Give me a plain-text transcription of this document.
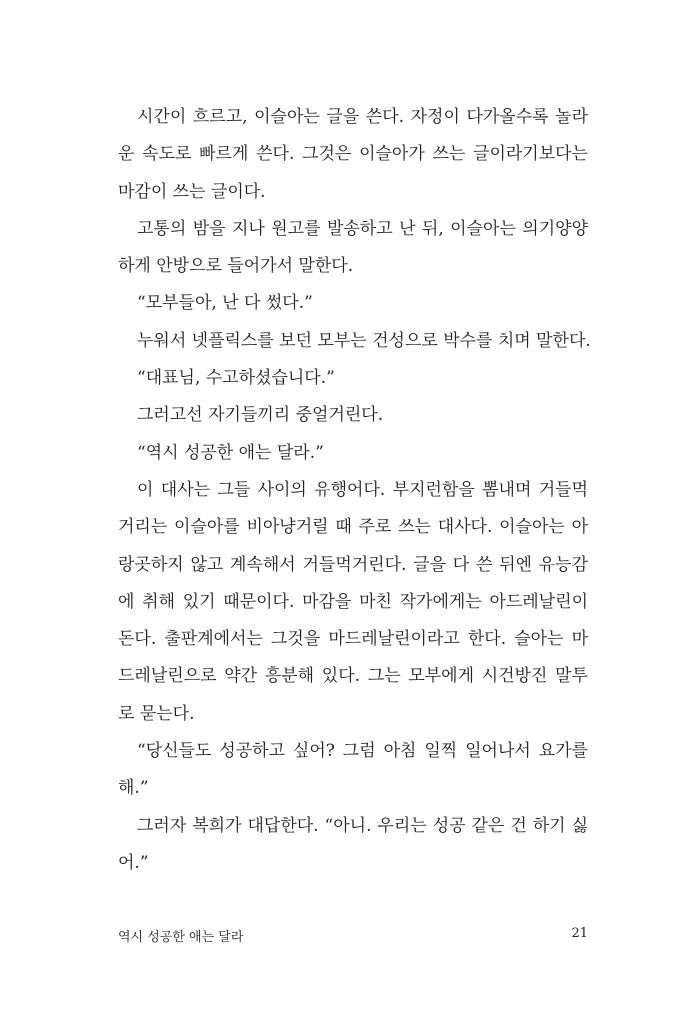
시간이 흐르고, 이슬아는 글을 쓴다. 자정이 다가올수록 놀라
운 속도로 빠르게 쓴다. 그것은 이슬아가 쓰는 글이라기보다는
마감이 쓰는 글이다.
고통의 밤을 지나 원고를 발송하고 난 뒤, 이슬아는 의기양양
하게 안방으로 들어가서 말한다.
“모부들아, 난 다 썼다.”
누워서 넷플릭스를 보던 모부는 건성으로 박수를 치며 말한다.
“대표님, 수고하셨습니다.”
그러고선 자기들끼리 중얼거린다.
“역시 성공한 애는 달라.”
이 대사는 그들 사이의 유행어다. 부지런함을 뽐내며 거들먹
거리는 이슬아를 비아냥거릴 때 주로 쓰는 대사다. 이슬아는 아
랑곳하지 않고 계속해서 거들먹거린다. 글을 다 쓴 뒤엔 유능감
에 취해 있기 때문이다. 마감을 마친 작가에게는 아드레날린이
돈다. 출판계에서는 그것을 마드레날린이라고 한다. 슬아는 마
드레날린으로 약간 흥분해 있다. 그는 모부에게 시건방진 말투
로 묻는다.
“당신들도 성공하고 싶어? 그럼 아침 일찍 일어나서 요가를
해.”
그러자 복희가 대답한다. “아니. 우리는 성공 같은 건 하기 싫
어.”
역시 성공한 애는 달라	21
